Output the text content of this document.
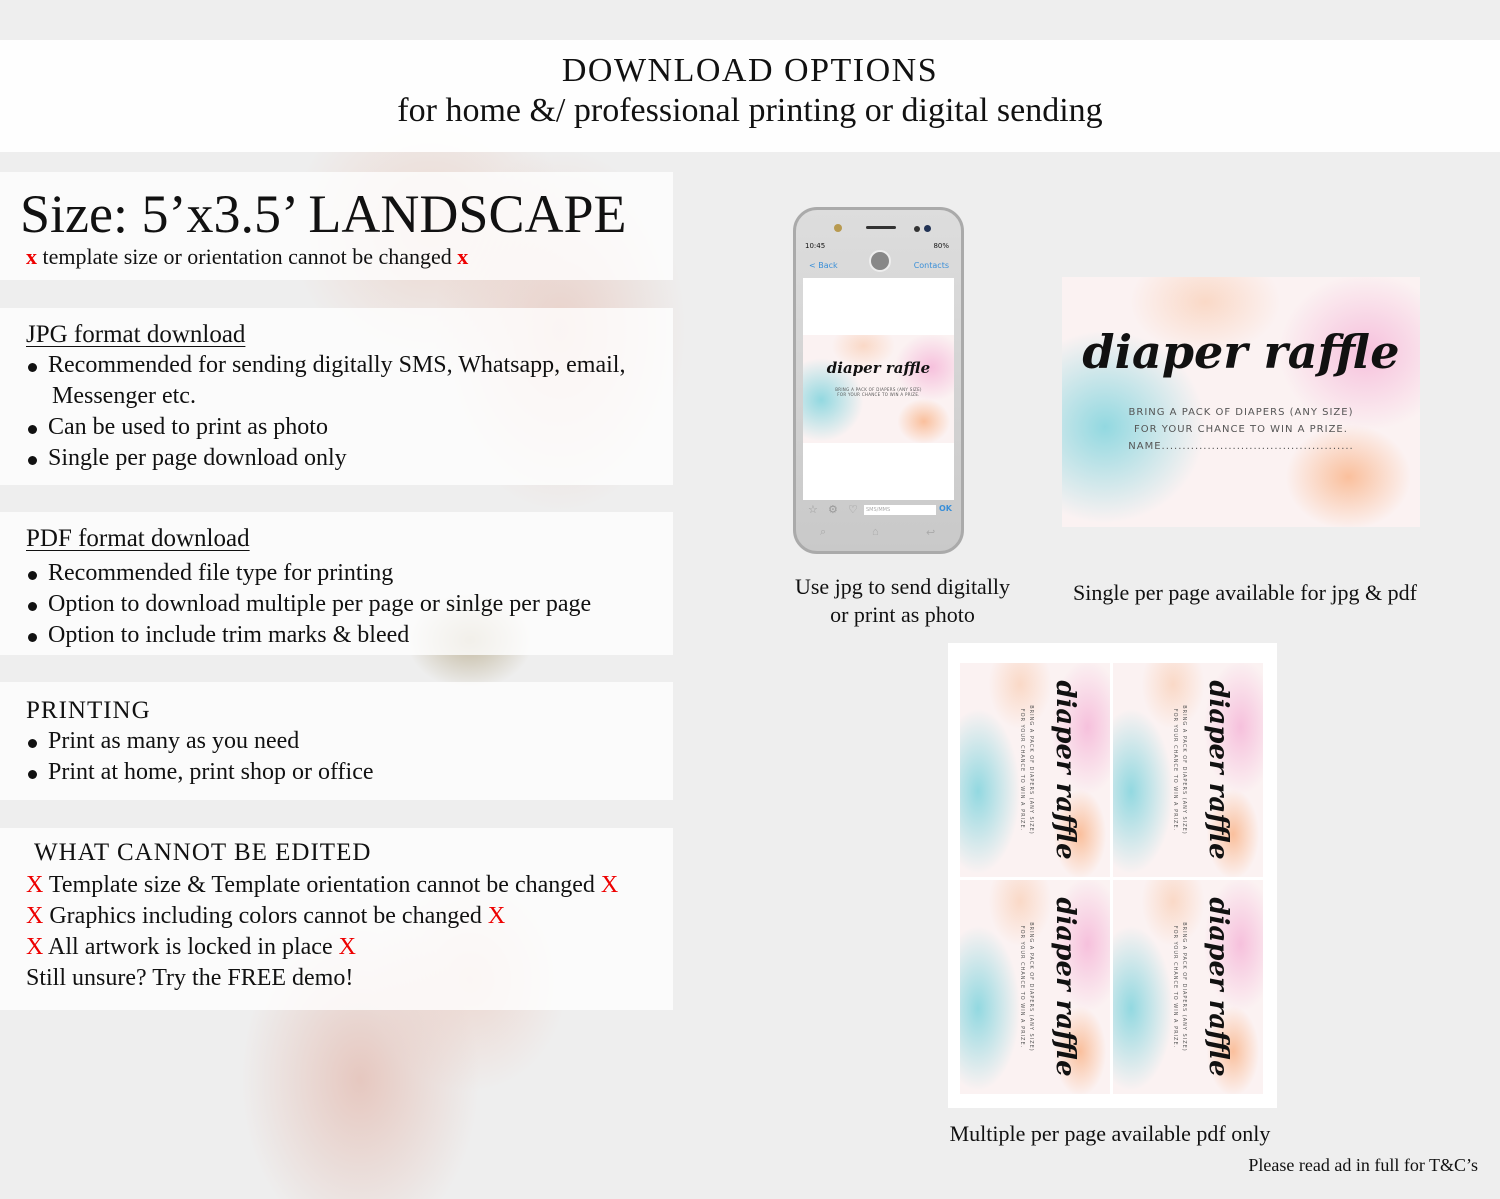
DOWNLOAD OPTIONS
for home &/ professional printing or digital sending
Size: 5’x3.5’ LANDSCAPE
x template size or orientation cannot be changed x
JPG format download
Recommended for sending digitally SMS, Whatsapp, email,
Messenger etc.
Can be used to print as photo
Single per page download only
PDF format download
Recommended file type for printing
Option to download multiple per page or sinlge per page
Option to include trim marks & bleed
PRINTING
Print as many as you need
Print at home, print shop or office
WHAT CANNOT BE EDITED
X Template size & Template orientation cannot be changed X
X Graphics including colors cannot be changed X
X All artwork is locked in place X
Still unsure? Try the FREE demo!
10:45	80%
< Back	Contacts
diaper raffle
BRING A PACK OF DIAPERS (ANY SIZE)
FOR YOUR CHANCE TO WIN A PRIZE.
☆ ⚙ ♡	SMS/MMS	OK
⌕	⌂	↩
diaper raffle
BRING A PACK OF DIAPERS (ANY SIZE)
FOR YOUR CHANCE TO WIN A PRIZE.
NAME..............................................
Use jpg to send digitally
or print as photo
Single per page available for jpg & pdf
diaper raffle
BRING A PACK OF DIAPERS (ANY SIZE)
FOR YOUR CHANCE TO WIN A PRIZE.	diaper raffle
BRING A PACK OF DIAPERS (ANY SIZE)
FOR YOUR CHANCE TO WIN A PRIZE.
diaper raffle
BRING A PACK OF DIAPERS (ANY SIZE)
FOR YOUR CHANCE TO WIN A PRIZE.	diaper raffle
BRING A PACK OF DIAPERS (ANY SIZE)
FOR YOUR CHANCE TO WIN A PRIZE.
Multiple per page available pdf only
Please read ad in full for T&C’s
